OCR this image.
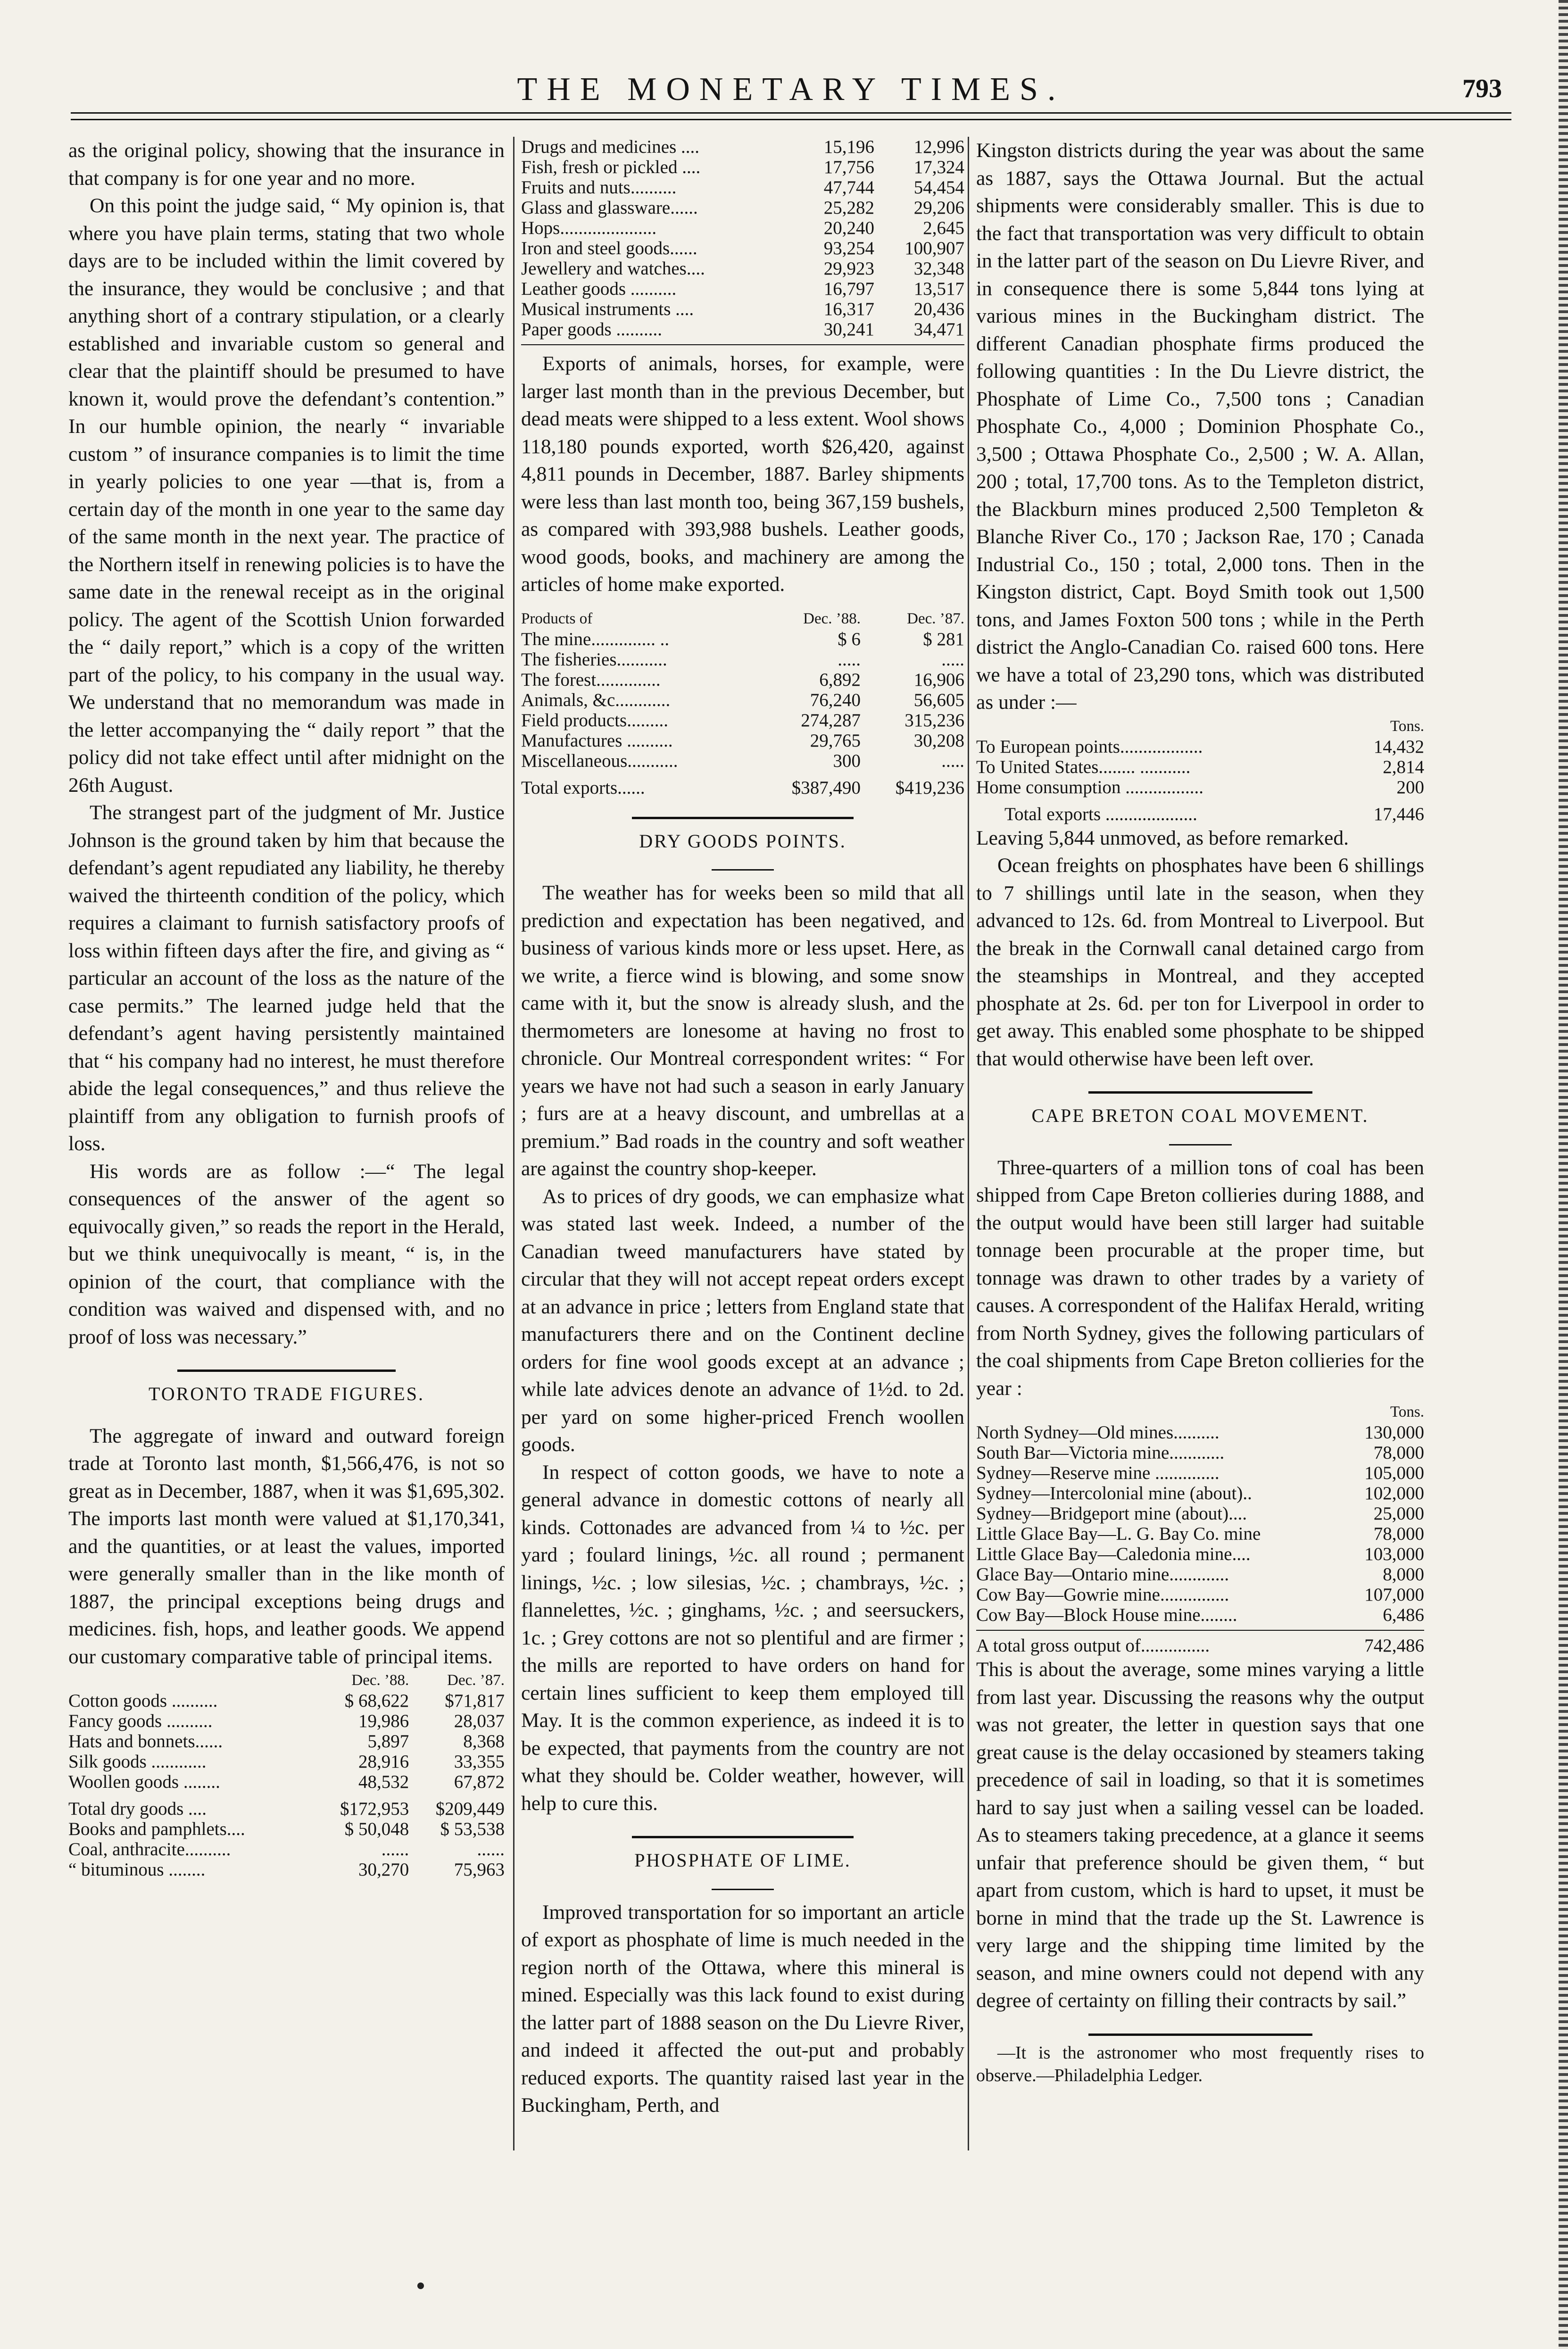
THE MONETARY TIMES.	793

as the original policy, showing that the insurance in that company is for one year and no more.

On this point the judge said, “ My opinion is, that where you have plain terms, stating that two whole days are to be included within the limit covered by the insurance, they would be conclusive ; and that anything short of a contrary stipulation, or a clearly established and invariable custom so general and clear that the plaintiff should be presumed to have known it, would prove the defendant’s contention.” In our humble opinion, the nearly “ invariable custom ” of insurance companies is to limit the time in yearly policies to one year —that is, from a certain day of the month in one year to the same day of the same month in the next year. The practice of the Northern itself in renewing policies is to have the same date in the renewal receipt as in the original policy. The agent of the Scottish Union forwarded the “ daily report,” which is a copy of the written part of the policy, to his company in the usual way. We understand that no memorandum was made in the letter accompanying the “ daily report ” that the policy did not take effect until after midnight on the 26th August.

The strangest part of the judgment of Mr. Justice Johnson is the ground taken by him that because the defendant’s agent repudiated any liability, he thereby waived the thirteenth condition of the policy, which requires a claimant to furnish satisfactory proofs of loss within fifteen days after the fire, and giving as “ particular an account of the loss as the nature of the case permits.” The learned judge held that the defendant’s agent having persistently maintained that “ his company had no interest, he must therefore abide the legal consequences,” and thus relieve the plaintiff from any obligation to furnish proofs of loss.

His words are as follow :—“ The legal consequences of the answer of the agent so equivocally given,” so reads the report in the Herald, but we think unequivocally is meant, “ is, in the opinion of the court, that compliance with the condition was waived and dispensed with, and no proof of loss was necessary.”

TORONTO TRADE FIGURES.

The aggregate of inward and outward foreign trade at Toronto last month, $1,566,476, is not so great as in December, 1887, when it was $1,695,302. The imports last month were valued at $1,170,341, and the quantities, or at least the values, imported were generally smaller than in the like month of 1887, the principal exceptions being drugs and medicines. fish, hops, and leather goods. We append our customary comparative table of principal items.

	Dec. ’88.	Dec. ’87.
Cotton goods ..........	$ 68,622	$71,817
Fancy goods ..........	19,986	28,037
Hats and bonnets......	5,897	8,368
Silk goods ............	28,916	33,355
Woollen goods ........	48,532	67,872
Total dry goods ....	$172,953	$209,449
Books and pamphlets....	$ 50,048	$ 53,538
Coal, anthracite..........	......	......
“ bituminous ........	30,270	75,963
Drugs and medicines ....	15,196	12,996
Fish, fresh or pickled ....	17,756	17,324
Fruits and nuts..........	47,744	54,454
Glass and glassware......	25,282	29,206
Hops.....................	20,240	2,645
Iron and steel goods......	93,254	100,907
Jewellery and watches....	29,923	32,348
Leather goods ..........	16,797	13,517
Musical instruments ....	16,317	20,436
Paper goods ..........	30,241	34,471

Exports of animals, horses, for example, were larger last month than in the previous December, but dead meats were shipped to a less extent. Wool shows 118,180 pounds exported, worth $26,420, against 4,811 pounds in December, 1887. Barley shipments were less than last month too, being 367,159 bushels, as compared with 393,988 bushels. Leather goods, wood goods, books, and machinery are among the articles of home make exported.

Products of	Dec. ’88.	Dec. ’87.
The mine.............. ..	$ 6	$ 281
The fisheries...........	.....	.....
The forest..............	6,892	16,906
Animals, &c............	76,240	56,605
Field products.........	274,287	315,236
Manufactures ..........	29,765	30,208
Miscellaneous...........	300	.....
Total exports......	$387,490	$419,236
DRY GOODS POINTS.

The weather has for weeks been so mild that all prediction and expectation has been negatived, and business of various kinds more or less upset. Here, as we write, a fierce wind is blowing, and some snow came with it, but the snow is already slush, and the thermometers are lonesome at having no frost to chronicle. Our Montreal correspondent writes: “ For years we have not had such a season in early January ; furs are at a heavy discount, and umbrellas at a premium.” Bad roads in the country and soft weather are against the country shop-keeper.

As to prices of dry goods, we can emphasize what was stated last week. Indeed, a number of the Canadian tweed manufacturers have stated by circular that they will not accept repeat orders except at an advance in price ; letters from England state that manufacturers there and on the Continent decline orders for fine wool goods except at an advance ; while late advices denote an advance of 1½d. to 2d. per yard on some higher-priced French woollen goods.

In respect of cotton goods, we have to note a general advance in domestic cottons of nearly all kinds. Cottonades are advanced from ¼ to ½c. per yard ; foulard linings, ½c. all round ; permanent linings, ½c. ; low silesias, ½c. ; chambrays, ½c. ; flannelettes, ½c. ; ginghams, ½c. ; and seersuckers, 1c. ; Grey cottons are not so plentiful and are firmer ; the mills are reported to have orders on hand for certain lines sufficient to keep them employed till May. It is the common experience, as indeed it is to be expected, that payments from the country are not what they should be. Colder weather, however, will help to cure this.

PHOSPHATE OF LIME.

Improved transportation for so important an article of export as phosphate of lime is much needed in the region north of the Ottawa, where this mineral is mined. Especially was this lack found to exist during the latter part of 1888 season on the Du Lievre River, and indeed it affected the out-put and probably reduced exports. The quantity raised last year in the Buckingham, Perth, and

Kingston districts during the year was about the same as 1887, says the Ottawa Journal. But the actual shipments were considerably smaller. This is due to the fact that transportation was very difficult to obtain in the latter part of the season on Du Lievre River, and in consequence there is some 5,844 tons lying at various mines in the Buckingham district. The different Canadian phosphate firms produced the following quantities : In the Du Lievre district, the Phosphate of Lime Co., 7,500 tons ; Canadian Phosphate Co., 4,000 ; Dominion Phosphate Co., 3,500 ; Ottawa Phosphate Co., 2,500 ; W. A. Allan, 200 ; total, 17,700 tons. As to the Templeton district, the Blackburn mines produced 2,500 Templeton & Blanche River Co., 170 ; Jackson Rae, 170 ; Canada Industrial Co., 150 ; total, 2,000 tons. Then in the Kingston district, Capt. Boyd Smith took out 1,500 tons, and James Foxton 500 tons ; while in the Perth district the Anglo-Canadian Co. raised 600 tons. Here we have a total of 23,290 tons, which was distributed as under :—

	Tons.
To European points..................	14,432
To United States........ ...........	2,814
Home consumption .................	200
Total exports ....................	17,446

Leaving 5,844 unmoved, as before remarked.

Ocean freights on phosphates have been 6 shillings to 7 shillings until late in the season, when they advanced to 12s. 6d. from Montreal to Liverpool. But the break in the Cornwall canal detained cargo from the steamships in Montreal, and they accepted phosphate at 2s. 6d. per ton for Liverpool in order to get away. This enabled some phosphate to be shipped that would otherwise have been left over.

CAPE BRETON COAL MOVEMENT.

Three-quarters of a million tons of coal has been shipped from Cape Breton collieries during 1888, and the output would have been still larger had suitable tonnage been procurable at the proper time, but tonnage was drawn to other trades by a variety of causes. A correspondent of the Halifax Herald, writing from North Sydney, gives the following particulars of the coal shipments from Cape Breton collieries for the year :

	Tons.
North Sydney—Old mines..........	130,000
South Bar—Victoria mine............	78,000
Sydney—Reserve mine ..............	105,000
Sydney—Intercolonial mine (about)..	102,000
Sydney—Bridgeport mine (about)....	25,000
Little Glace Bay—L. G. Bay Co. mine	78,000
Little Glace Bay—Caledonia mine....	103,000
Glace Bay—Ontario mine.............	8,000
Cow Bay—Gowrie mine...............	107,000
Cow Bay—Block House mine........	6,486
A total gross output of...............	742,486

This is about the average, some mines varying a little from last year. Discussing the reasons why the output was not greater, the letter in question says that one great cause is the delay occasioned by steamers taking precedence of sail in loading, so that it is sometimes hard to say just when a sailing vessel can be loaded. As to steamers taking precedence, at a glance it seems unfair that preference should be given them, “ but apart from custom, which is hard to upset, it must be borne in mind that the trade up the St. Lawrence is very large and the shipping time limited by the season, and mine owners could not depend with any degree of certainty on filling their contracts by sail.”

—It is the astronomer who most frequently rises to observe.—Philadelphia Ledger.
